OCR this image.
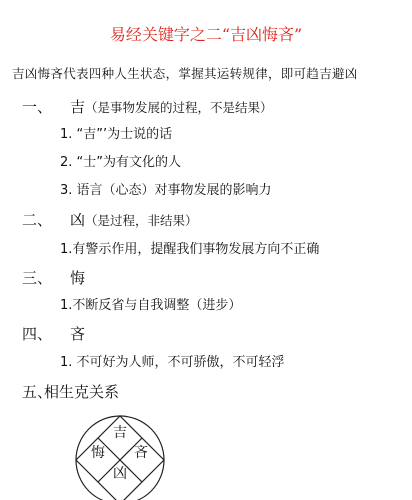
易经关键字之二“吉凶悔吝”
吉凶悔吝代表四种人生状态，掌握其运转规律，即可趋吉避凶
一、 吉（是事物发展的过程，不是结果）
1. “吉”’为士说的话
2. “士”为有文化的人
3. 语言（心态）对事物发展的影响力
二、 凶（是过程，非结果）
1.有警示作用，提醒我们事物发展方向不正确
三、 悔
1.不断反省与自我调整（进步）
四、 吝
1. 不可好为人师，不可骄傲，不可轻浮
五、相生克关系
吉
吝
凶
悔
